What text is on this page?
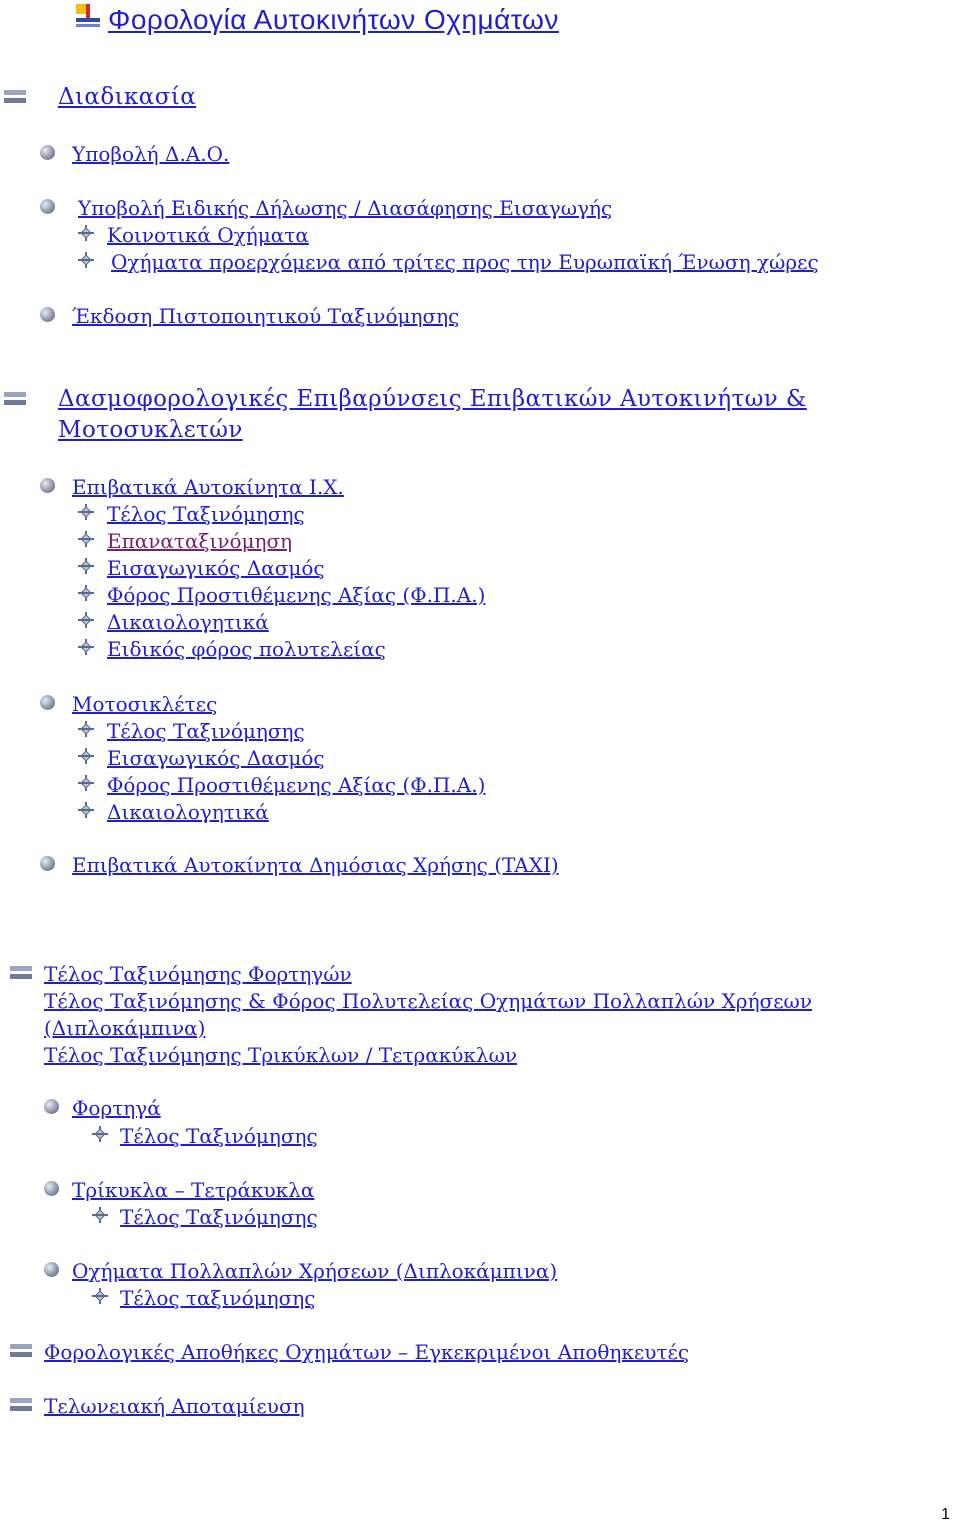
Φορολογία Αυτοκινήτων Οχημάτων
Διαδικασία
Υποβολή Δ.Α.Ο.
Υποβολή Ειδικής Δήλωσης / Διασάφησης Εισαγωγής
Κοινοτικά Οχήματα
Οχήματα προερχόμενα από τρίτες προς την Ευρωπαϊκή Ένωση χώρες
Έκδοση Πιστοποιητικού Ταξινόμησης
Δασμοφορολογικές Επιβαρύνσεις Επιβατικών Αυτοκινήτων &
Μοτοσυκλετών
Επιβατικά Αυτοκίνητα Ι.Χ.
Τέλος Ταξινόμησης
Επαναταξινόμηση
Εισαγωγικός Δασμός
Φόρος Προστιθέμενης Αξίας (Φ.Π.Α.)
Δικαιολογητικά
Ειδικός φόρος πολυτελείας
Μοτοσικλέτες
Τέλος Ταξινόμησης
Εισαγωγικός Δασμός
Φόρος Προστιθέμενης Αξίας (Φ.Π.Α.)
Δικαιολογητικά
Επιβατικά Αυτοκίνητα Δημόσιας Χρήσης (TAXI)
Τέλος Ταξινόμησης Φορτηγών
Τέλος Ταξινόμησης & Φόρος Πολυτελείας Οχημάτων Πολλαπλών Χρήσεων
(Διπλοκάμπινα)
Τέλος Ταξινόμησης Τρικύκλων / Τετρακύκλων
Φορτηγά
Τέλος Ταξινόμησης
Τρίκυκλα – Τετράκυκλα
Τέλος Ταξινόμησης
Οχήματα Πολλαπλών Χρήσεων (Διπλοκάμπινα)
Τέλος ταξινόμησης
Φορολογικές Αποθήκες Οχημάτων – Εγκεκριμένοι Αποθηκευτές
Τελωνειακή Αποταμίευση
1
